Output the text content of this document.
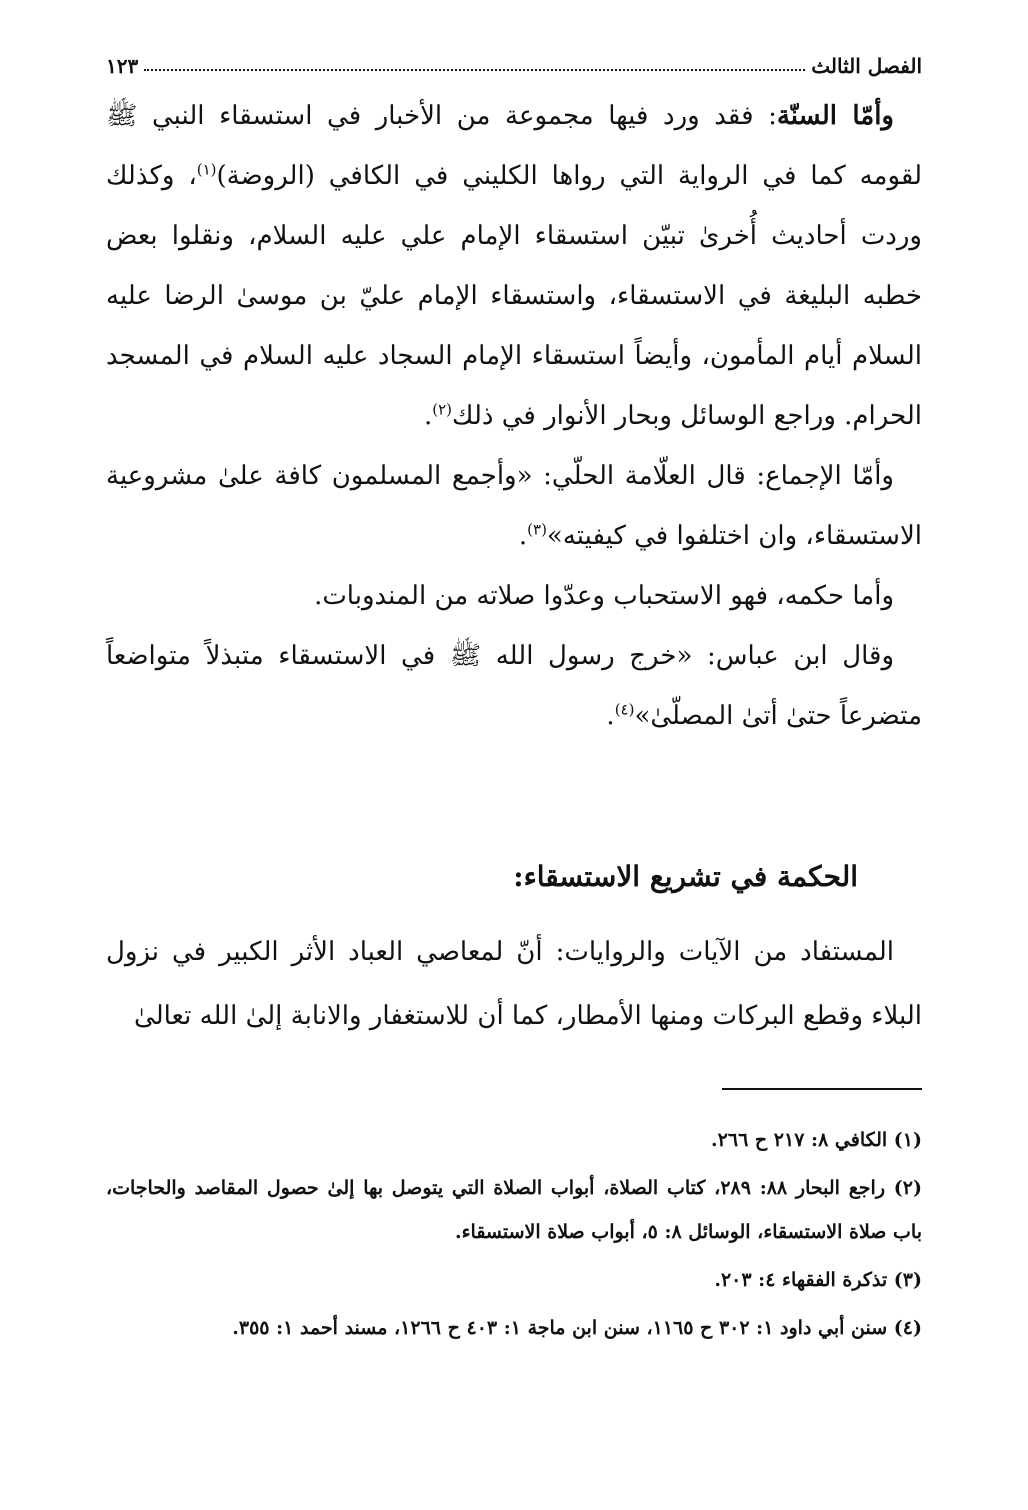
الفصل الثالث
١٢٣

وأمّا السنّة: فقد ورد فيها مجموعة من الأخبار في استسقاء النبي ﷺ لقومه كما في الرواية التي رواها الكليني في الكافي (الروضة)$^{(١)}$، وكذلك وردت أحاديث أُخرىٰ تبيّن استسقاء الإمام علي عليه السلام، ونقلوا بعض خطبه البليغة في الاستسقاء، واستسقاء الإمام عليّ بن موسىٰ الرضا عليه السلام أيام المأمون، وأيضاً استسقاء الإمام السجاد عليه السلام في المسجد الحرام. وراجع الوسائل وبحار الأنوار في ذلك$^{(٢)}$.

وأمّا الإجماع: قال العلّامة الحلّي: «وأجمع المسلمون كافة علىٰ مشروعية الاستسقاء، وان اختلفوا في كيفيته»$^{(٣)}$.

وأما حكمه، فهو الاستحباب وعدّوا صلاته من المندوبات.

وقال ابن عباس: «خرج رسول الله ﷺ في الاستسقاء متبذلاً متواضعاً متضرعاً حتىٰ أتىٰ المصلّىٰ»$^{(٤)}$.

الحكمة في تشريع الاستسقاء:

المستفاد من الآيات والروايات: أنّ لمعاصي العباد الأثر الكبير في نزول البلاء وقطع البركات ومنها الأمطار، كما أن للاستغفار والانابة إلىٰ الله تعالىٰ

(١) الكافي ٨: ٢١٧ ح ٢٦٦.

(٢) راجع البحار ٨٨: ٢٨٩، كتاب الصلاة، أبواب الصلاة التي يتوصل بها إلىٰ حصول المقاصد والحاجات، باب صلاة الاستسقاء، الوسائل ٨: ٥، أبواب صلاة الاستسقاء.

(٣) تذكرة الفقهاء ٤: ٢٠٣.

(٤) سنن أبي داود ١: ٣٠٢ ح ١١٦٥، سنن ابن ماجة ١: ٤٠٣ ح ١٢٦٦، مسند أحمد ١: ٣٥٥.
